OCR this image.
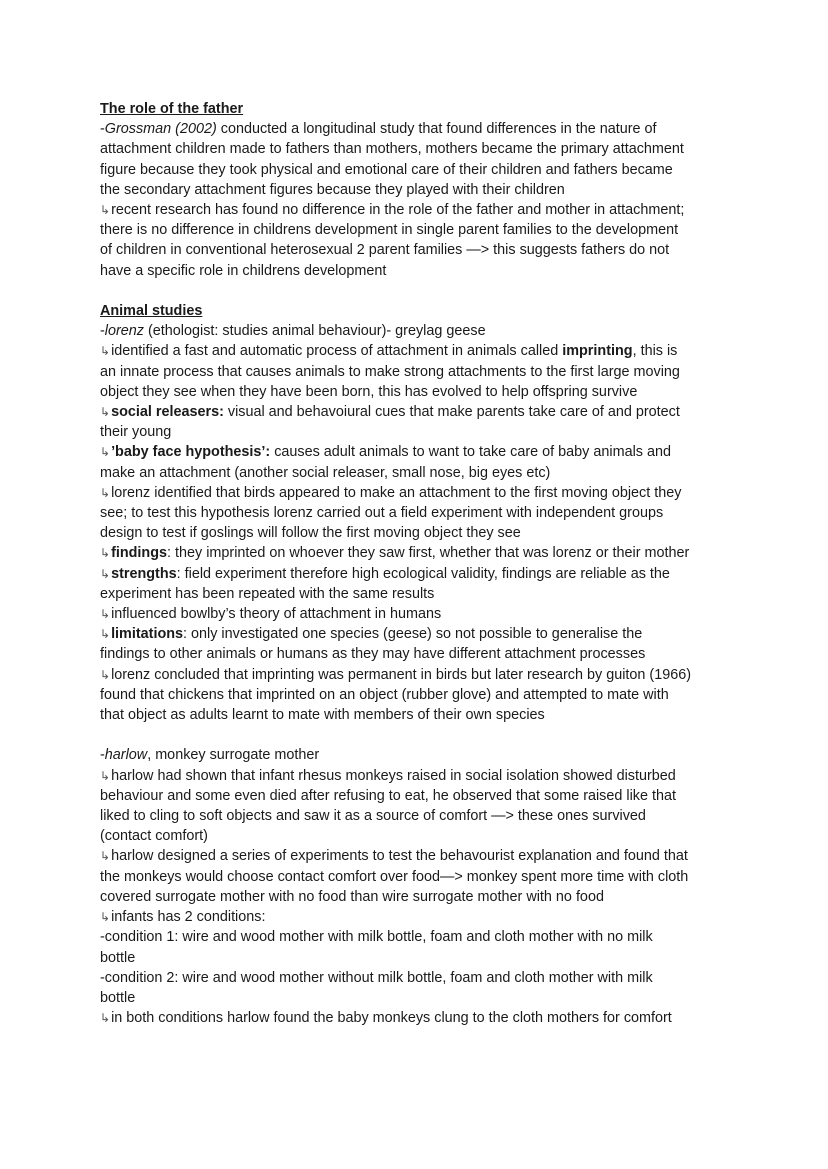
The role of the father

-Grossman (2002) conducted a longitudinal study that found differences in the nature of

attachment children made to fathers than mothers, mothers became the primary attachment

figure because they took physical and emotional care of their children and fathers became

the secondary attachment figures because they played with their children

↳recent research has found no difference in the role of the father and mother in attachment;

there is no difference in childrens development in single parent families to the development

of children in conventional heterosexual 2 parent families —> this suggests fathers do not

have a specific role in childrens development

Animal studies

-lorenz (ethologist: studies animal behaviour)- greylag geese

↳identified a fast and automatic process of attachment in animals called imprinting, this is

an innate process that causes animals to make strong attachments to the first large moving

object they see when they have been born, this has evolved to help offspring survive

↳social releasers: visual and behavoiural cues that make parents take care of and protect

their young

↳’baby face hypothesis’: causes adult animals to want to take care of baby animals and

make an attachment (another social releaser, small nose, big eyes etc)

↳lorenz identified that birds appeared to make an attachment to the first moving object they

see; to test this hypothesis lorenz carried out a field experiment with independent groups

design to test if goslings will follow the first moving object they see

↳findings: they imprinted on whoever they saw first, whether that was lorenz or their mother

↳strengths: field experiment therefore high ecological validity, findings are reliable as the

experiment has been repeated with the same results

↳influenced bowlby’s theory of attachment in humans

↳limitations: only investigated one species (geese) so not possible to generalise the

findings to other animals or humans as they may have different attachment processes

↳lorenz concluded that imprinting was permanent in birds but later research by guiton (1966)

found that chickens that imprinted on an object (rubber glove) and attempted to mate with

that object as adults learnt to mate with members of their own species

-harlow, monkey surrogate mother

↳harlow had shown that infant rhesus monkeys raised in social isolation showed disturbed

behaviour and some even died after refusing to eat, he observed that some raised like that

liked to cling to soft objects and saw it as a source of comfort —> these ones survived

(contact comfort)

↳harlow designed a series of experiments to test the behavourist explanation and found that

the monkeys would choose contact comfort over food—> monkey spent more time with cloth

covered surrogate mother with no food than wire surrogate mother with no food

↳infants has 2 conditions:

-condition 1: wire and wood mother with milk bottle, foam and cloth mother with no milk

bottle

-condition 2: wire and wood mother without milk bottle, foam and cloth mother with milk

bottle

↳in both conditions harlow found the baby monkeys clung to the cloth mothers for comfort
